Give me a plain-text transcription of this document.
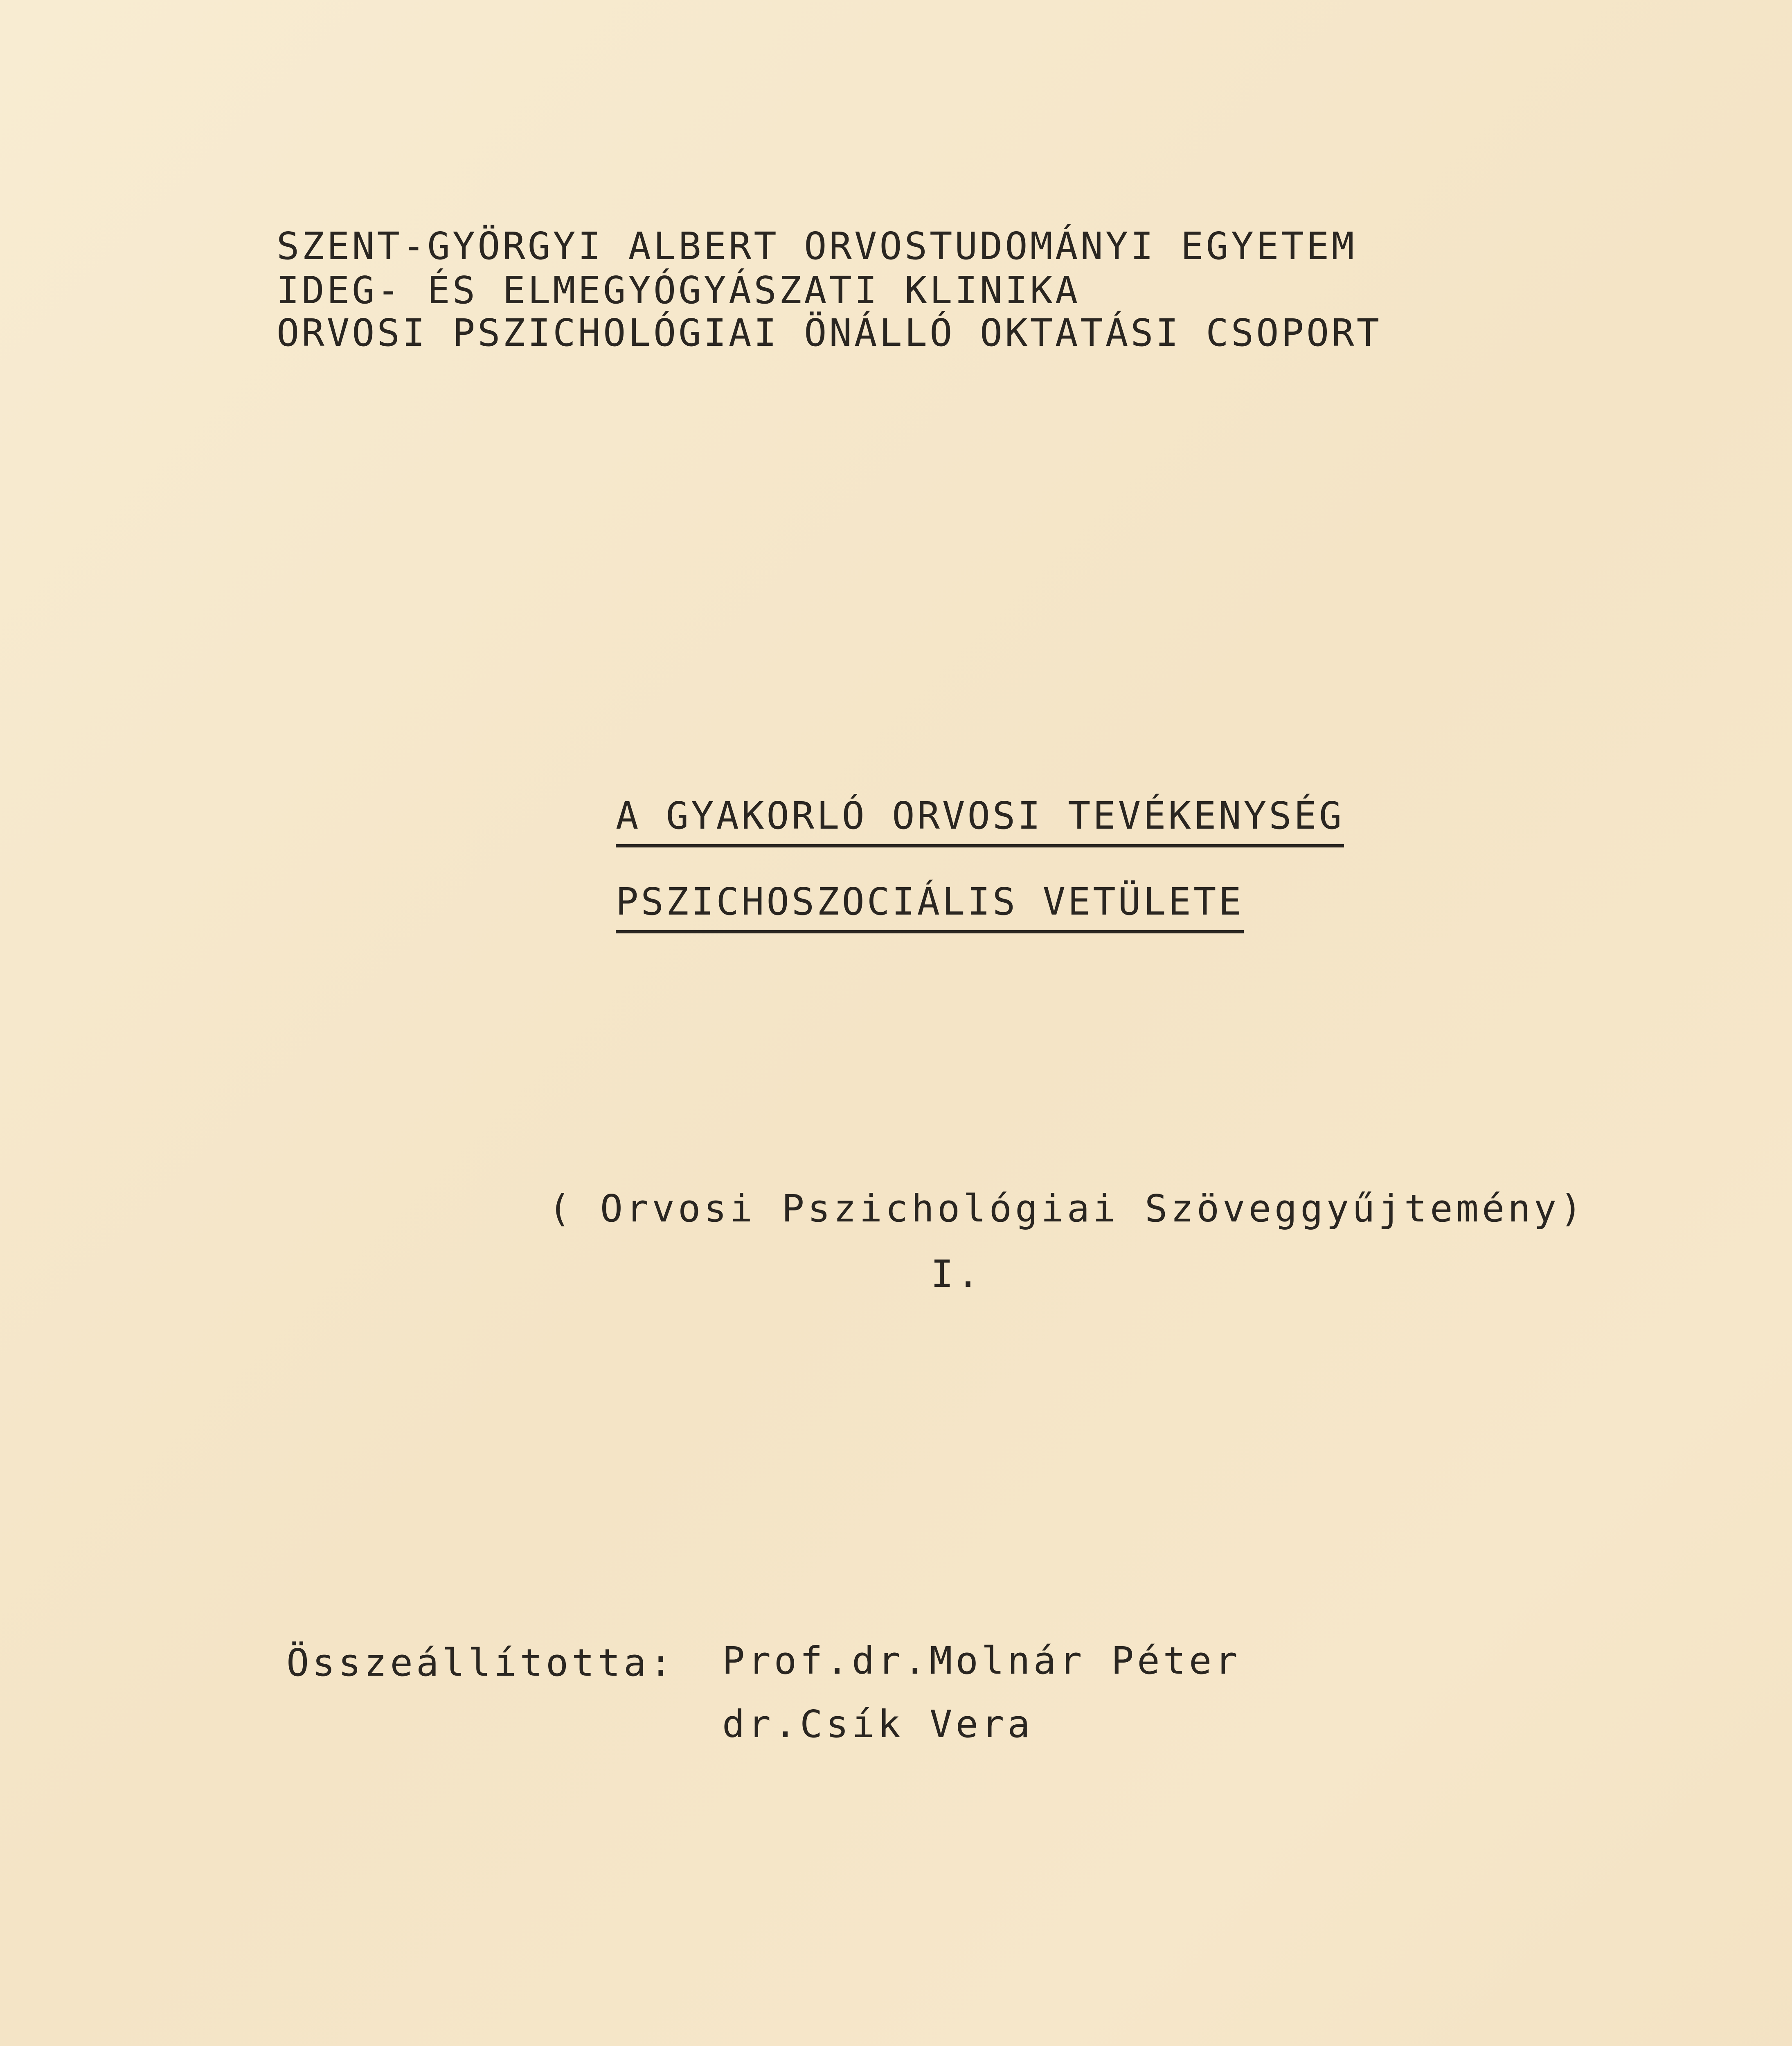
SZENT-GYÖRGYI ALBERT ORVOSTUDOMÁNYI EGYETEM

IDEG- ÉS ELMEGYÓGYÁSZATI KLINIKA

ORVOSI PSZICHOLÓGIAI ÖNÁLLÓ OKTATÁSI CSOPORT

A GYAKORLÓ ORVOSI TEVÉKENYSÉG

PSZICHOSZOCIÁLIS VETÜLETE

( Orvosi Pszichológiai Szöveggyűjtemény)

I.

Összeállította: Prof.dr.Molnár Péter

dr.Csík Vera
